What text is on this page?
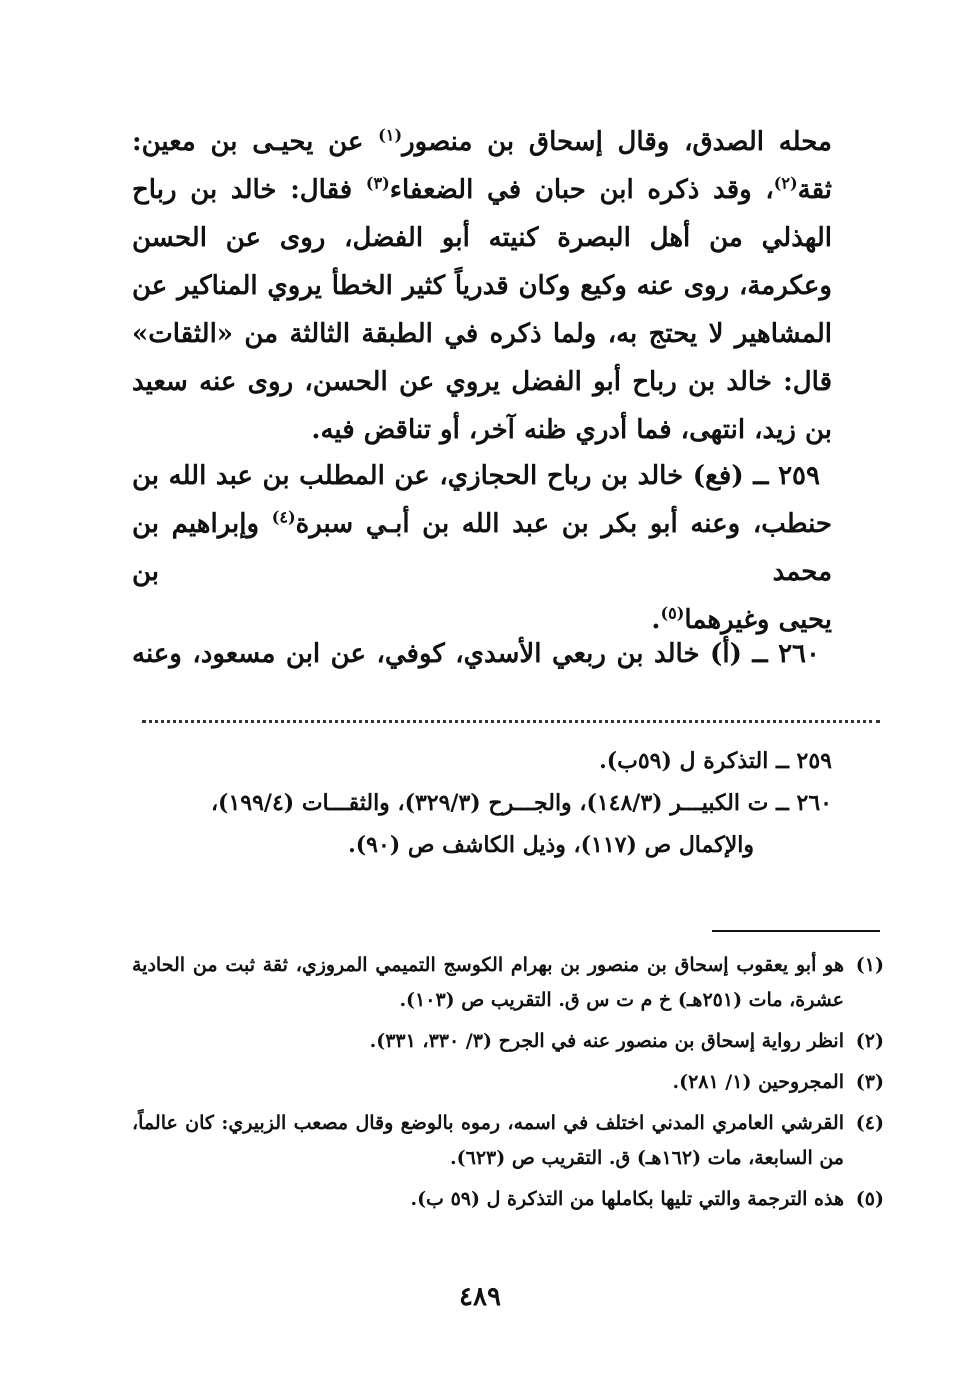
محله الصدق، وقال إسحاق بن منصور$^{(١)}$ عن يحيـى بن معين: ثقة$^{(٢)}$، وقد ذكره ابن حبان في الضعفاء$^{(٣)}$ فقال: خالد بن رباح الهذلي من أهل البصرة كنيته أبو الفضل، روى عن الحسن وعكرمة، روى عنه وكيع وكان قدرياً كثير الخطأ يروي المناكير عن المشاهير لا يحتج به، ولما ذكره في الطبقة الثالثة من «الثقات» قال: خالد بن رباح أبو الفضل يروي عن الحسن، روى عنه سعيد بن زيد، انتهى، فما أدري ظنه آخر، أو تناقض فيه.

٢٥٩ ــ (فع) خالد بن رباح الحجازي، عن المطلب بن عبد الله بن
حنطب، وعنه أبو بكر بن عبد الله بن أبـي سبرة$^{(٤)}$ وإبراهيم بن محمد بن
يحيى وغيرهما$^{(٥)}$.
٢٦٠ ــ (أ) خالد بن ربعي الأسدي، كوفي، عن ابن مسعود، وعنه
٢٥٩ ــ التذكرة ل (٥٩ب).
٢٦٠ ــ ت الكبيـــر (١٤٨/٣)، والجـــرح (٣٢٩/٣)، والثقـــات (١٩٩/٤)،
والإكمال ص (١١٧)، وذيل الكاشف ص (٩٠).
(١)
هو أبو يعقوب إسحاق بن منصور بن بهرام الكوسج التميمي المروزي، ثقة ثبت من الحادية عشرة، مات (٢٥١هـ) خ م ت س ق. التقريب ص (١٠٣).
(٢)
انظر رواية إسحاق بن منصور عنه في الجرح (٣/ ٣٣٠، ٣٣١).
(٣)
المجروحين (١/ ٢٨١).
(٤)
القرشي العامري المدني اختلف في اسمه، رموه بالوضع وقال مصعب الزبيري: كان عالماً، من السابعة، مات (١٦٢هـ) ق. التقريب ص (٦٢٣).
(٥)
هذه الترجمة والتي تليها بكاملها من التذكرة ل (٥٩ ب).
٤٨٩
